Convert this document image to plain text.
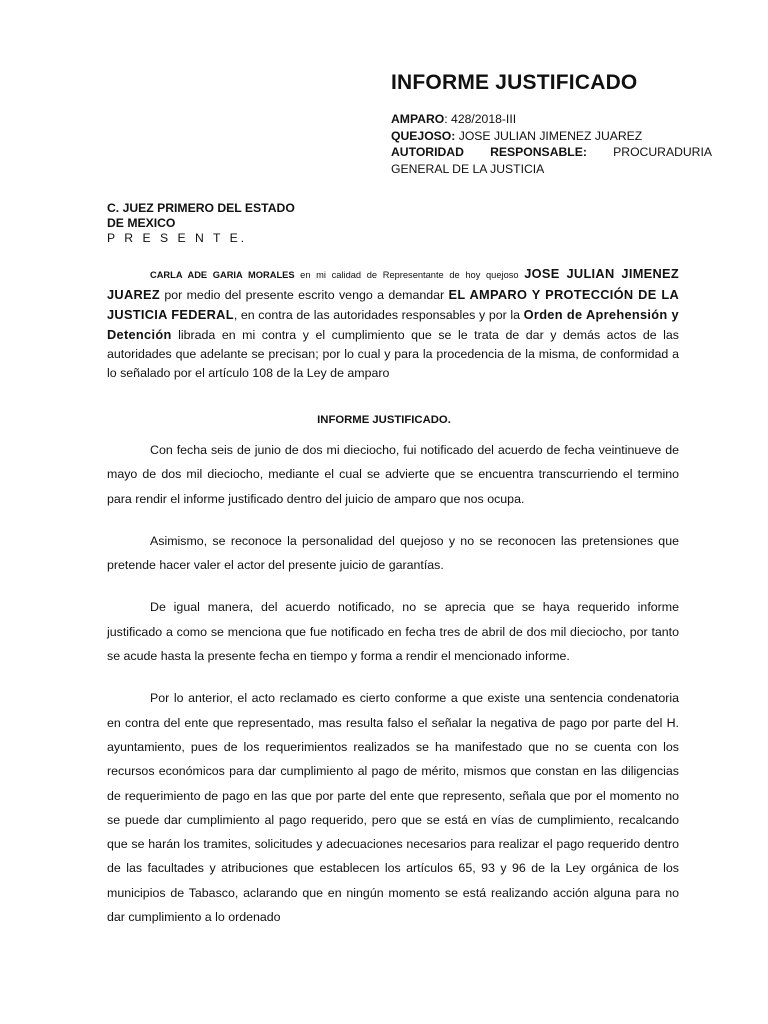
INFORME JUSTIFICADO
AMPARO: 428/2018-III
QUEJOSO: JOSE JULIAN JIMENEZ JUAREZ
AUTORIDAD RESPONSABLE: PROCURADURIA
GENERAL DE LA JUSTICIA
C. JUEZ PRIMERO DEL ESTADO
DE MEXICO
P R E S E N T E.

CARLA ADE GARIA MORALES en mi calidad de Representante de hoy quejoso JOSE JULIAN JIMENEZ JUAREZ por medio del presente escrito vengo a demandar EL AMPARO Y PROTECCIÓN DE LA JUSTICIA FEDERAL, en contra de las autoridades responsables y por la Orden de Aprehensión y Detención librada en mi contra y el cumplimiento que se le trata de dar y demás actos de las autoridades que adelante se precisan; por lo cual y para la procedencia de la misma, de conformidad a lo señalado por el artículo 108 de la Ley de amparo

INFORME JUSTIFICADO.

Con fecha seis de junio de dos mi dieciocho, fui notificado del acuerdo de fecha veintinueve de mayo de dos mil dieciocho, mediante el cual se advierte que se encuentra transcurriendo el termino para rendir el informe justificado dentro del juicio de amparo que nos ocupa.

Asimismo, se reconoce la personalidad del quejoso y no se reconocen las pretensiones que pretende hacer valer el actor del presente juicio de garantías.

De igual manera, del acuerdo notificado, no se aprecia que se haya requerido informe justificado a como se menciona que fue notificado en fecha tres de abril de dos mil dieciocho, por tanto se acude hasta la presente fecha en tiempo y forma a rendir el mencionado informe.

Por lo anterior, el acto reclamado es cierto conforme a que existe una sentencia condenatoria en contra del ente que representado, mas resulta falso el señalar la negativa de pago por parte del H. ayuntamiento, pues de los requerimientos realizados se ha manifestado que no se cuenta con los recursos económicos para dar cumplimiento al pago de mérito, mismos que constan en las diligencias de requerimiento de pago en las que por parte del ente que represento, señala que por el momento no se puede dar cumplimiento al pago requerido, pero que se está en vías de cumplimiento, recalcando que se harán los tramites, solicitudes y adecuaciones necesarios para realizar el pago requerido dentro de las facultades y atribuciones que establecen los artículos 65, 93 y 96 de la Ley orgánica de los municipios de Tabasco, aclarando que en ningún momento se está realizando acción alguna para no dar cumplimiento a lo ordenado
